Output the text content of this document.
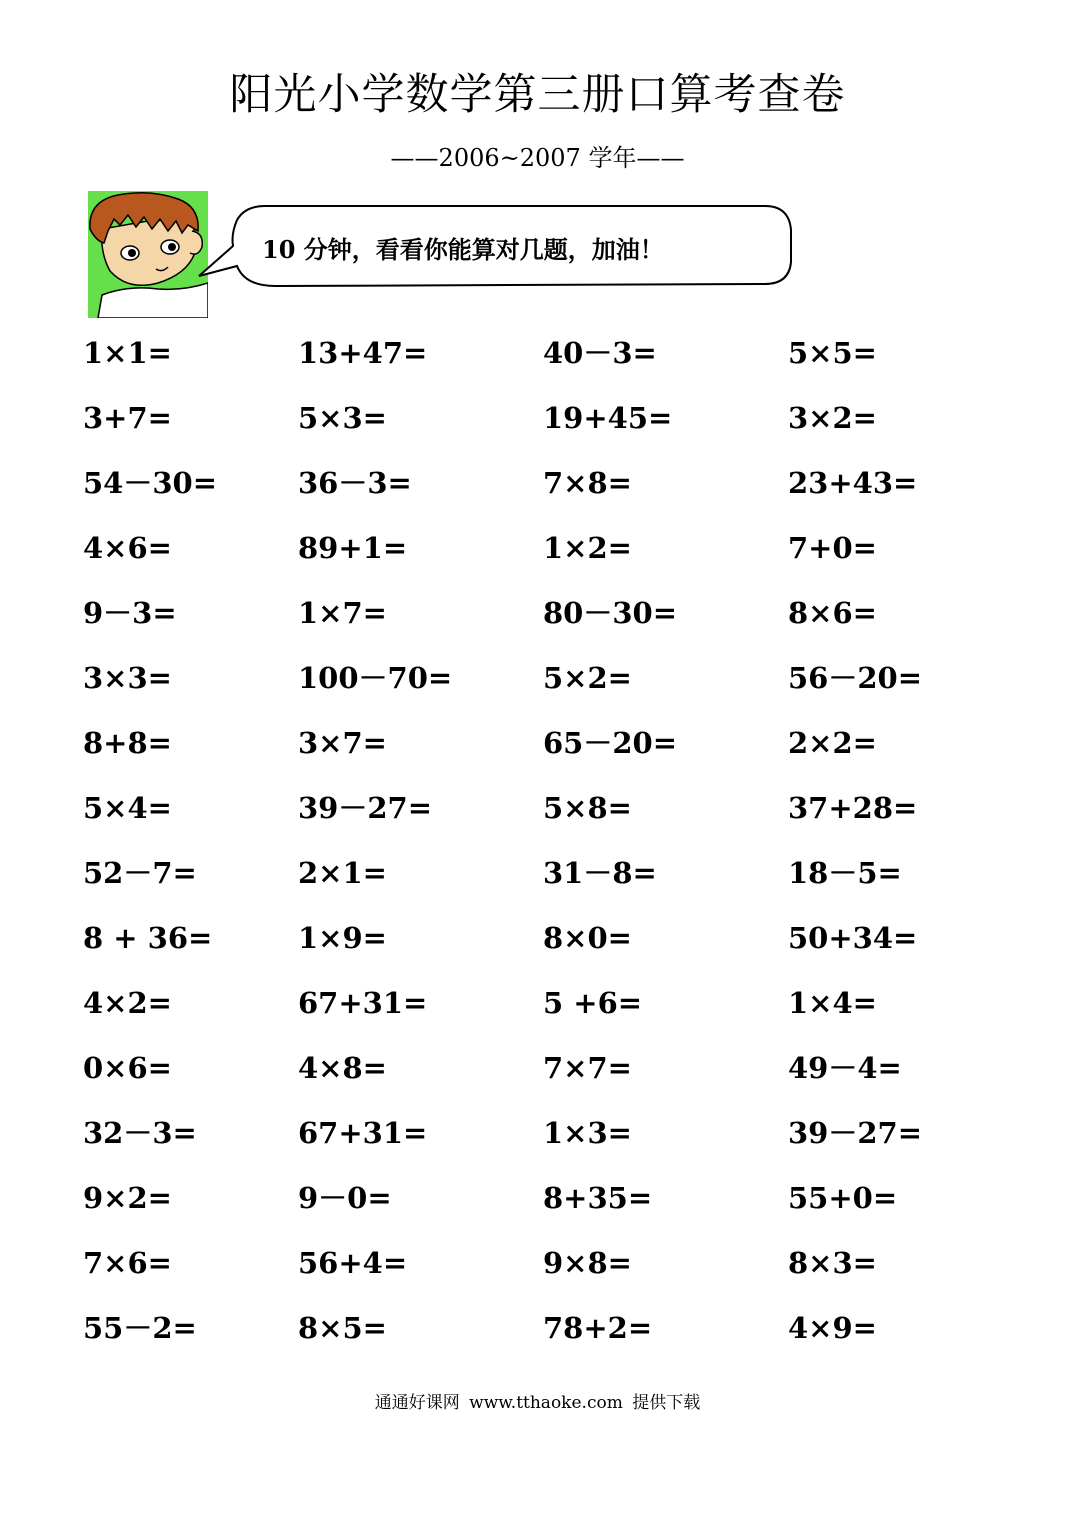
阳光小学数学第三册口算考查卷
——2006~2007 学年——
10 分钟，看看你能算对几题，加油！
1×1=	13+47=	40－3=	5×5=
3+7=	5×3=	19+45=	3×2=
54－30=	36－3=	7×8=	23+43=
4×6=	89+1=	1×2=	7+0=
9－3=	1×7=	80－30=	8×6=
3×3=	100－70=	5×2=	56－20=
8+8=	3×7=	65－20=	2×2=
5×4=	39－27=	5×8=	37+28=
52－7=	2×1=	31－8=	18－5=
8 + 36=	1×9=	8×0=	50+34=
4×2=	67+31=	5 +6=	1×4=
0×6=	4×8=	7×7=	49－4=
32－3=	67+31=	1×3=	39－27=
9×2=	9－0=	8+35=	55+0=
7×6=	56+4=	9×8=	8×3=
55－2=	8×5=	78+2=	4×9=
通通好课网 www.tthaoke.com 提供下载
